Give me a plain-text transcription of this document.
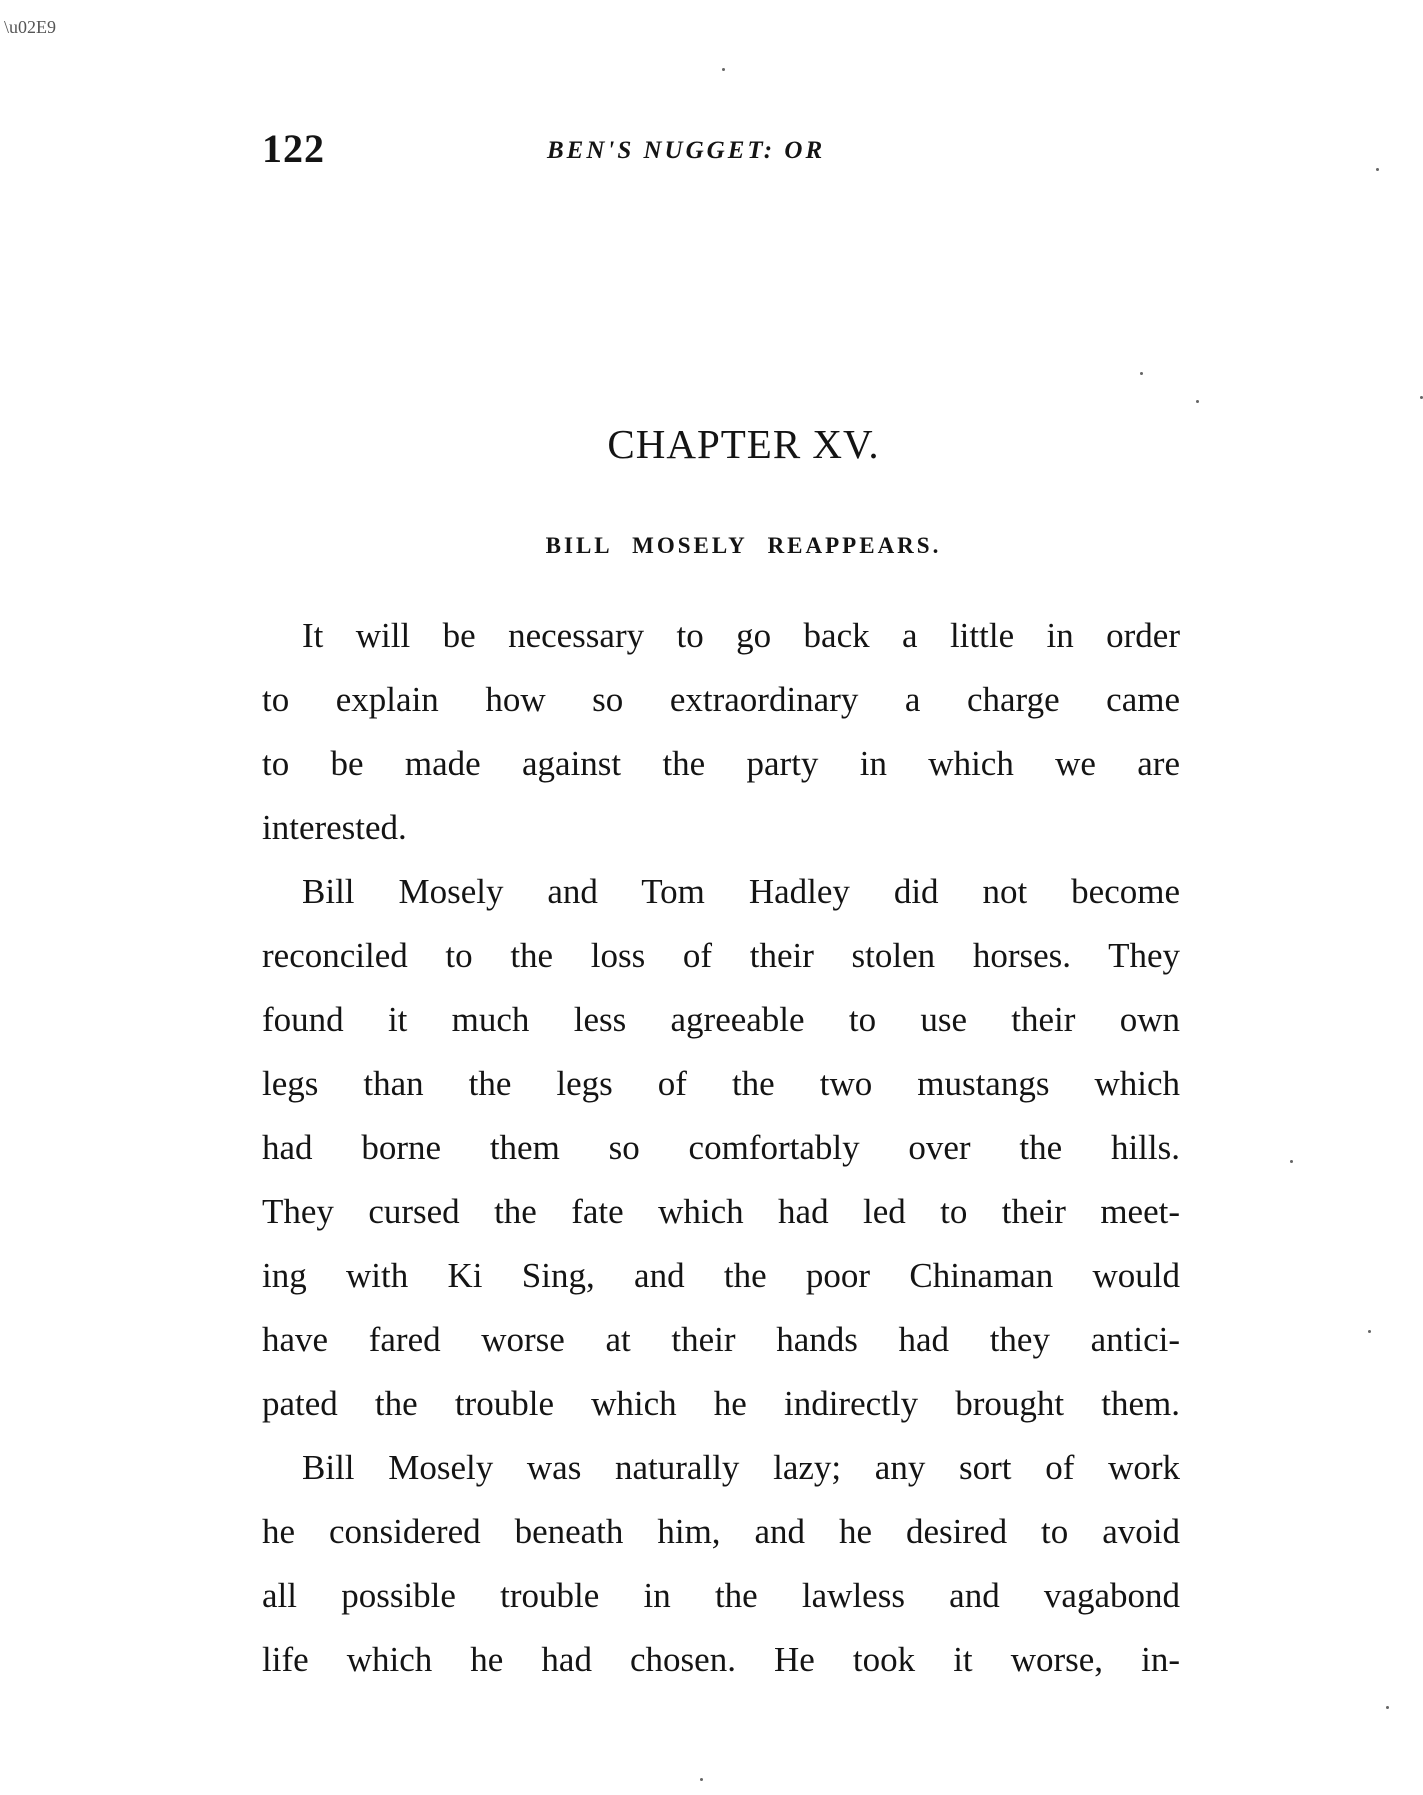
\u02E9
122	BEN'S NUGGET: OR
CHAPTER XV.
BILL MOSELY REAPPEARS.
It will be necessary to go back a little in order
to explain how so extraordinary a charge came
to be made against the party in which we are
interested.
Bill Mosely and Tom Hadley did not become
reconciled to the loss of their stolen horses. They
found it much less agreeable to use their own
legs than the legs of the two mustangs which
had borne them so comfortably over the hills.
They cursed the fate which had led to their meet-
ing with Ki Sing, and the poor Chinaman would
have fared worse at their hands had they antici-
pated the trouble which he indirectly brought them.
Bill Mosely was naturally lazy; any sort of work
he considered beneath him, and he desired to avoid
all possible trouble in the lawless and vagabond
life which he had chosen. He took it worse, in-
